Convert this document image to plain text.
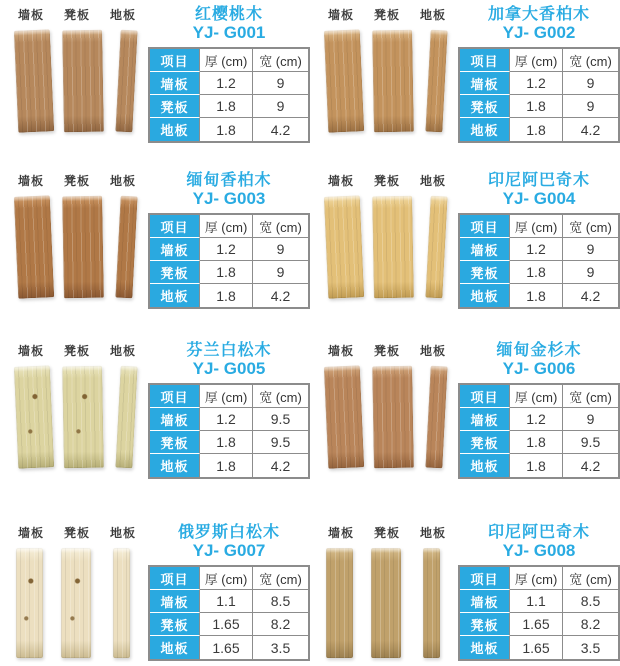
墙板	凳板	地板	红樱桃木
YJ- G001
项目	厚 (cm)	宽 (cm)
墙板	1.2	9
凳板	1.8	9
地板	1.8	4.2
墙板	凳板	地板	加拿大香柏木
YJ- G002
项目	厚 (cm)	宽 (cm)
墙板	1.2	9
凳板	1.8	9
地板	1.8	4.2
墙板	凳板	地板	缅甸香柏木
YJ- G003
项目	厚 (cm)	宽 (cm)
墙板	1.2	9
凳板	1.8	9
地板	1.8	4.2
墙板	凳板	地板	印尼阿巴奇木
YJ- G004
项目	厚 (cm)	宽 (cm)
墙板	1.2	9
凳板	1.8	9
地板	1.8	4.2
墙板	凳板	地板	芬兰白松木
YJ- G005
项目	厚 (cm)	宽 (cm)
墙板	1.2	9.5
凳板	1.8	9.5
地板	1.8	4.2
墙板	凳板	地板	缅甸金杉木
YJ- G006
项目	厚 (cm)	宽 (cm)
墙板	1.2	9
凳板	1.8	9.5
地板	1.8	4.2
墙板	凳板	地板	俄罗斯白松木
YJ- G007
项目	厚 (cm)	宽 (cm)
墙板	1.1	8.5
凳板	1.65	8.2
地板	1.65	3.5
墙板	凳板	地板	印尼阿巴奇木
YJ- G008
项目	厚 (cm)	宽 (cm)
墙板	1.1	8.5
凳板	1.65	8.2
地板	1.65	3.5
